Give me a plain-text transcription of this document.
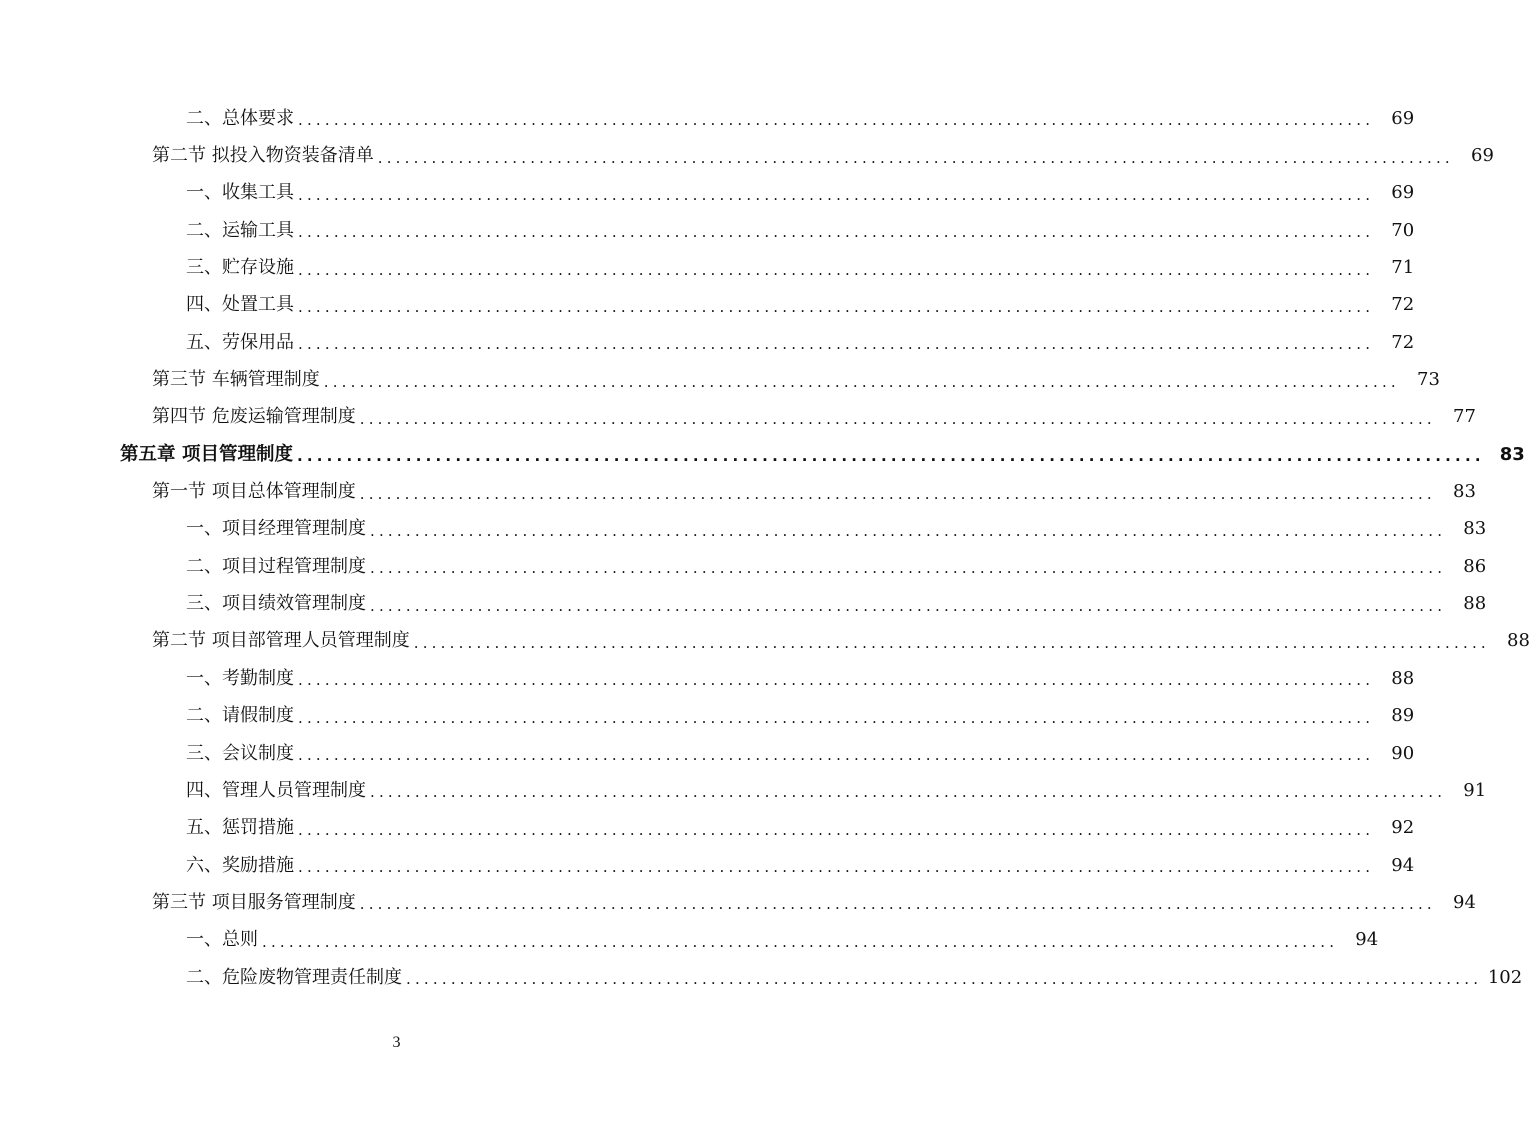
二、总体要求 ........................................................................................................................ 69
第二节 拟投入物资装备清单 ........................................................................................................................ 69
一、收集工具 ........................................................................................................................ 69
二、运输工具 ........................................................................................................................ 70
三、贮存设施 ........................................................................................................................ 71
四、处置工具 ........................................................................................................................ 72
五、劳保用品 ........................................................................................................................ 72
第三节 车辆管理制度 ........................................................................................................................ 73
第四节 危废运输管理制度 ........................................................................................................................ 77
第五章 项目管理制度 ........................................................................................................................ 83
第一节 项目总体管理制度 ........................................................................................................................ 83
一、项目经理管理制度 ........................................................................................................................ 83
二、项目过程管理制度 ........................................................................................................................ 86
三、项目绩效管理制度 ........................................................................................................................ 88
第二节 项目部管理人员管理制度 ........................................................................................................................ 88
一、考勤制度 ........................................................................................................................ 88
二、请假制度 ........................................................................................................................ 89
三、会议制度 ........................................................................................................................ 90
四、管理人员管理制度 ........................................................................................................................ 91
五、惩罚措施 ........................................................................................................................ 92
六、奖励措施 ........................................................................................................................ 94
第三节 项目服务管理制度 ........................................................................................................................ 94
一、总则 ........................................................................................................................ 94
二、危险废物管理责任制度 ........................................................................................................................ 102
3
